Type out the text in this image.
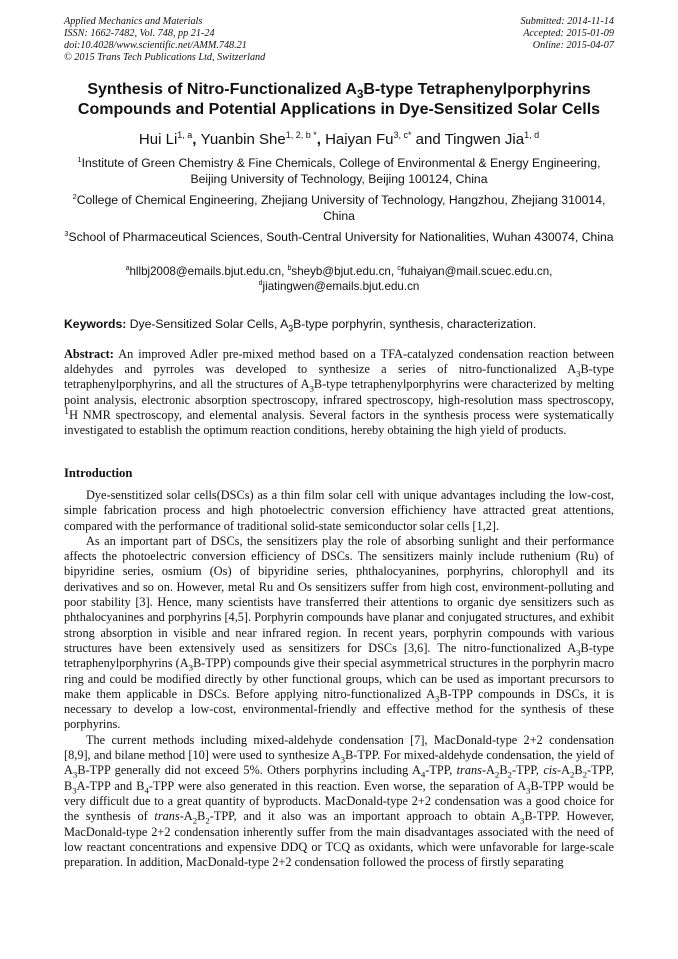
Applied Mechanics and Materials
ISSN: 1662-7482, Vol. 748, pp 21-24
doi:10.4028/www.scientific.net/AMM.748.21
© 2015 Trans Tech Publications Ltd, Switzerland
Submitted: 2014-11-14
Accepted: 2015-01-09
Online: 2015-04-07
Synthesis of Nitro-Functionalized $A_3B$-type Tetraphenylporphyrins
Compounds and Potential Applications in Dye-Sensitized Solar Cells
Hui Li$^{1, a}$, Yuanbin She$^{1, 2, b *}$, Haiyan $Fu^{3, c*}$ and Tingwen Jia$^{1, d}$
$^1$Institute of Green Chemistry & Fine Chemicals, College of Environmental & Energy Engineering, Beijing University of Technology, Beijing 100124, China
$^2$College of Chemical Engineering, Zhejiang University of Technology, Hangzhou, Zhejiang 310014, China
$^3$School of Pharmaceutical Sciences, South-Central University for Nationalities, Wuhan 430074, China
$^a$hllbj2008@emails.bjut.edu.cn, $^b$sheyb@bjut.edu.cn, $^c$fuhaiyan@mail.scuec.edu.cn,
$^d$jiatingwen@emails.bjut.edu.cn
Keywords: Dye-Sensitized Solar Cells, $A_3B$-type porphyrin, synthesis, characterization.
Abstract: An improved Adler pre-mixed method based on a TFA-catalyzed condensation reaction between aldehydes and pyrroles was developed to synthesize a series of nitro-functionalized $A_3B$-type tetraphenylporphyrins, and all the structures of $A_3B$-type tetraphenylporphyrins were characterized by melting point analysis, electronic absorption spectroscopy, infrared spectroscopy, high-resolution mass spectroscopy, $^1$H NMR spectroscopy, and elemental analysis. Several factors in the synthesis process were systematically investigated to establish the optimum reaction conditions, hereby obtaining the high yield of products.
Introduction

Dye-senstitized solar cells(DSCs) as a thin film solar cell with unique advantages including the low-cost, simple fabrication process and high photoelectric conversion effichiency have attracted great attentions, compared with the performance of traditional solid-state semiconductor solar cells [1,2].

As an important part of DSCs, the sensitizers play the role of absorbing sunlight and their performance affects the photoelectric conversion efficiency of DSCs. The sensitizers mainly include ruthenium (Ru) of bipyridine series, osmium (Os) of bipyridine series, phthalocyanines, porphyrins, chlorophyll and its derivatives and so on. However, metal Ru and Os sensitizers suffer from high cost, environment-polluting and poor stability [3]. Hence, many scientists have transferred their attentions to organic dye sensitizers such as phthalocyanines and porphyrins [4,5]. Porphyrin compounds have planar and conjugated structures, and exhibit strong absorption in visible and near infrared region. In recent years, porphyrin compounds with various structures have been extensively used as sensitizers for DSCs [3,6]. The nitro-functionalized $A_3B$-type tetraphenylporphyrins $(A_3B-TPP)$ compounds give their special asymmetrical structures in the porphyrin macro ring and could be modified directly by other functional groups, which can be used as important precursors to make them applicable in DSCs. Before applying nitro-functionalized $A_3B$-TPP compounds in DSCs, it is necessary to develop a low-cost, environmental-friendly and effective method for the synthesis of these porphyrins.

The current methods including mixed-aldehyde condensation [7], MacDonald-type 2+2 condensation [8,9], and bilane method [10] were used to synthesize $A_3B$-TPP. For mixed-aldehyde condensation, the yield of $A_3B$-TPP generally did not exceed 5%. Others porphyrins including $A_4$-TPP, trans-$A_2B_2$-TPP, cis-$A_2B_2$-TPP, $B_3A$-TPP and $B_4$-TPP were also generated in this reaction. Even worse, the separation of $A_3B$-TPP would be very difficult due to a great quantity of byproducts. MacDonald-type 2+2 condensation was a good choice for the synthesis of trans-$A_2B_2$-TPP, and it also was an important approach to obtain $A_3B$-TPP. However, MacDonald-type 2+2 condensation inherently suffer from the main disadvantages associated with the need of low reactant concentrations and expensive DDQ or TCQ as oxidants, which were unfavorable for large-scale preparation. In addition, MacDonald-type 2+2 condensation followed the process of firstly separating
